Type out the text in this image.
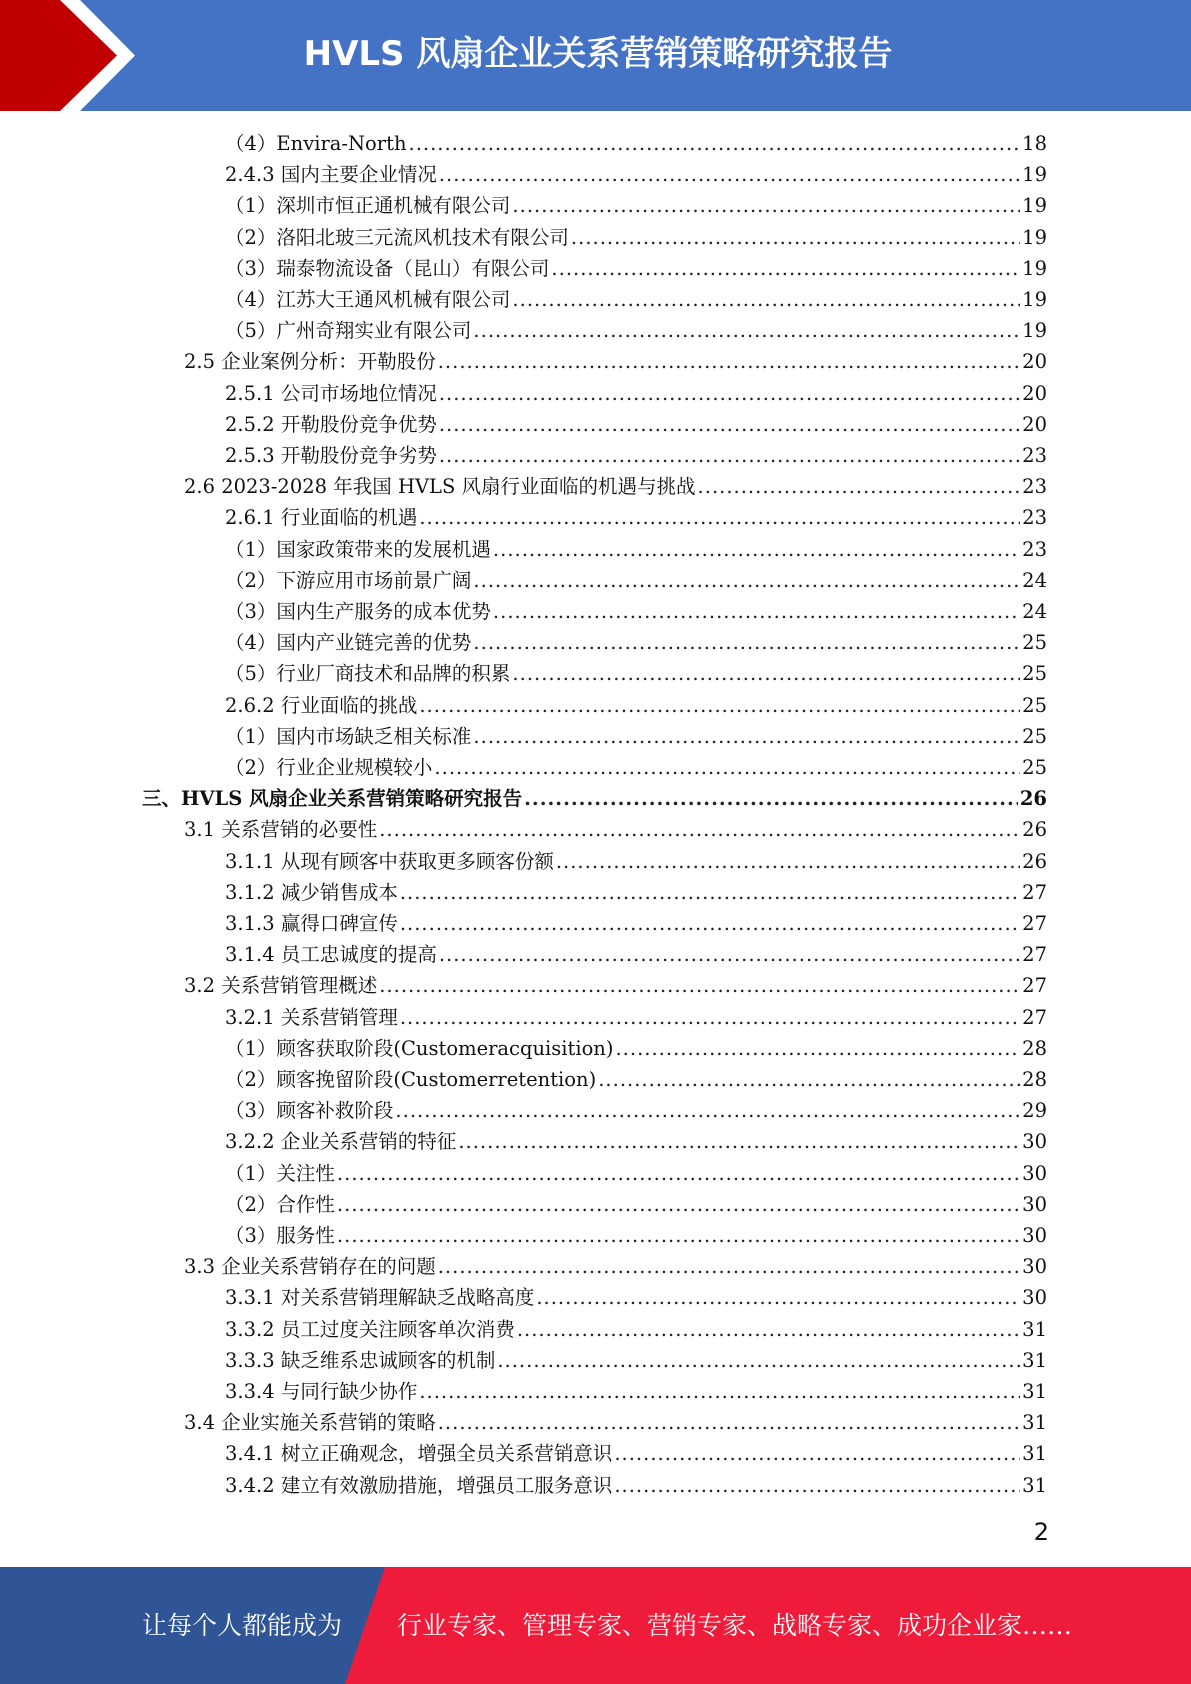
HVLS 风扇企业关系营销策略研究报告
（4）Envira-North .....	18
2.4.3 国内主要企业情况 .....	19
（1）深圳市恒正通机械有限公司 .....	19
（2）洛阳北玻三元流风机技术有限公司 .....	19
（3）瑞泰物流设备（昆山）有限公司 .....	19
（4）江苏大王通风机械有限公司 .....	19
（5）广州奇翔实业有限公司 .....	19
2.5 企业案例分析：开勒股份 .....	20
2.5.1 公司市场地位情况 .....	20
2.5.2 开勒股份竞争优势 .....	20
2.5.3 开勒股份竞争劣势 .....	23
2.6 2023-2028 年我国 HVLS 风扇行业面临的机遇与挑战 .....	23
2.6.1 行业面临的机遇 .....	23
（1）国家政策带来的发展机遇 .....	23
（2）下游应用市场前景广阔 .....	24
（3）国内生产服务的成本优势 .....	24
（4）国内产业链完善的优势 .....	25
（5）行业厂商技术和品牌的积累 .....	25
2.6.2 行业面临的挑战 .....	25
（1）国内市场缺乏相关标准 .....	25
（2）行业企业规模较小 .....	25
三、HVLS 风扇企业关系营销策略研究报告 .....	26
3.1 关系营销的必要性 .....	26
3.1.1 从现有顾客中获取更多顾客份额 .....	26
3.1.2 减少销售成本 .....	27
3.1.3 赢得口碑宣传 .....	27
3.1.4 员工忠诚度的提高 .....	27
3.2 关系营销管理概述 .....	27
3.2.1 关系营销管理 .....	27
（1）顾客获取阶段(Customeracquisition) .....	28
（2）顾客挽留阶段(Customerretention) .....	28
（3）顾客补救阶段 .....	29
3.2.2 企业关系营销的特征 .....	30
（1）关注性 .....	30
（2）合作性 .....	30
（3）服务性 .....	30
3.3 企业关系营销存在的问题 .....	30
3.3.1 对关系营销理解缺乏战略高度 .....	30
3.3.2 员工过度关注顾客单次消费 .....	31
3.3.3 缺乏维系忠诚顾客的机制 .....	31
3.3.4 与同行缺少协作 .....	31
3.4 企业实施关系营销的策略 .....	31
3.4.1 树立正确观念，增强全员关系营销意识 .....	31
3.4.2 建立有效激励措施，增强员工服务意识 .....	31
2
让每个人都能成为 行业专家、管理专家、营销专家、战略专家、成功企业家……
